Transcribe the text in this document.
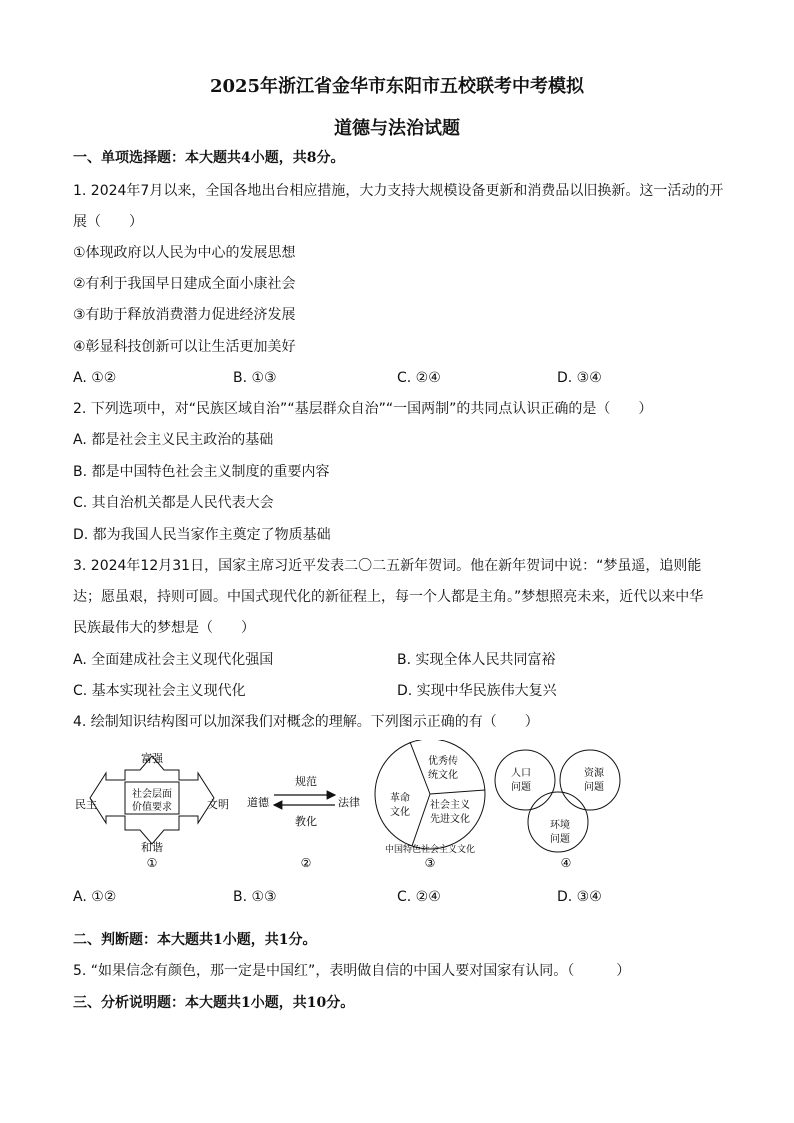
2025年浙江省金华市东阳市五校联考中考模拟
道德与法治试题
一、单项选择题：本大题共4小题，共8分。
1. 2024年7月以来，全国各地出台相应措施，大力支持大规模设备更新和消费品以旧换新。这一活动的开
展（　　）
①体现政府以人民为中心的发展思想
②有利于我国早日建成全面小康社会
③有助于释放消费潜力促进经济发展
④彰显科技创新可以让生活更加美好
A. ①②	B. ①③	C. ②④	D. ③④
2. 下列选项中，对“民族区域自治”“基层群众自治”“一国两制”的共同点认识正确的是（　　）
A. 都是社会主义民主政治的基础
B. 都是中国特色社会主义制度的重要内容
C. 其自治机关都是人民代表大会
D. 都为我国人民当家作主奠定了物质基础
3. 2024年12月31日，国家主席习近平发表二〇二五新年贺词。他在新年贺词中说：“梦虽遥，追则能
达；愿虽艰，持则可圆。中国式现代化的新征程上，每一个人都是主角。”梦想照亮未来，近代以来中华
民族最伟大的梦想是（　　）
A. 全面建成社会主义现代化强国	B. 实现全体人民共同富裕
C. 基本实现社会主义现代化	D. 实现中华民族伟大复兴
4. 绘制知识结构图可以加深我们对概念的理解。下列图示正确的有（　　）
富强
民主	文明
和谐
社会层面
价值要求
①
规范
道德	法律
教化
②
优秀传
统文化
革命
文化
社会主义
先进文化
中国特色社会主义文化
③
人口
问题
资源
问题
环境
问题
④
A. ①②	B. ①③	C. ②④	D. ③④
二、判断题：本大题共1小题，共1分。
5. “如果信念有颜色，那一定是中国红”，表明做自信的中国人要对国家有认同。（　　　）
三、分析说明题：本大题共1小题，共10分。
